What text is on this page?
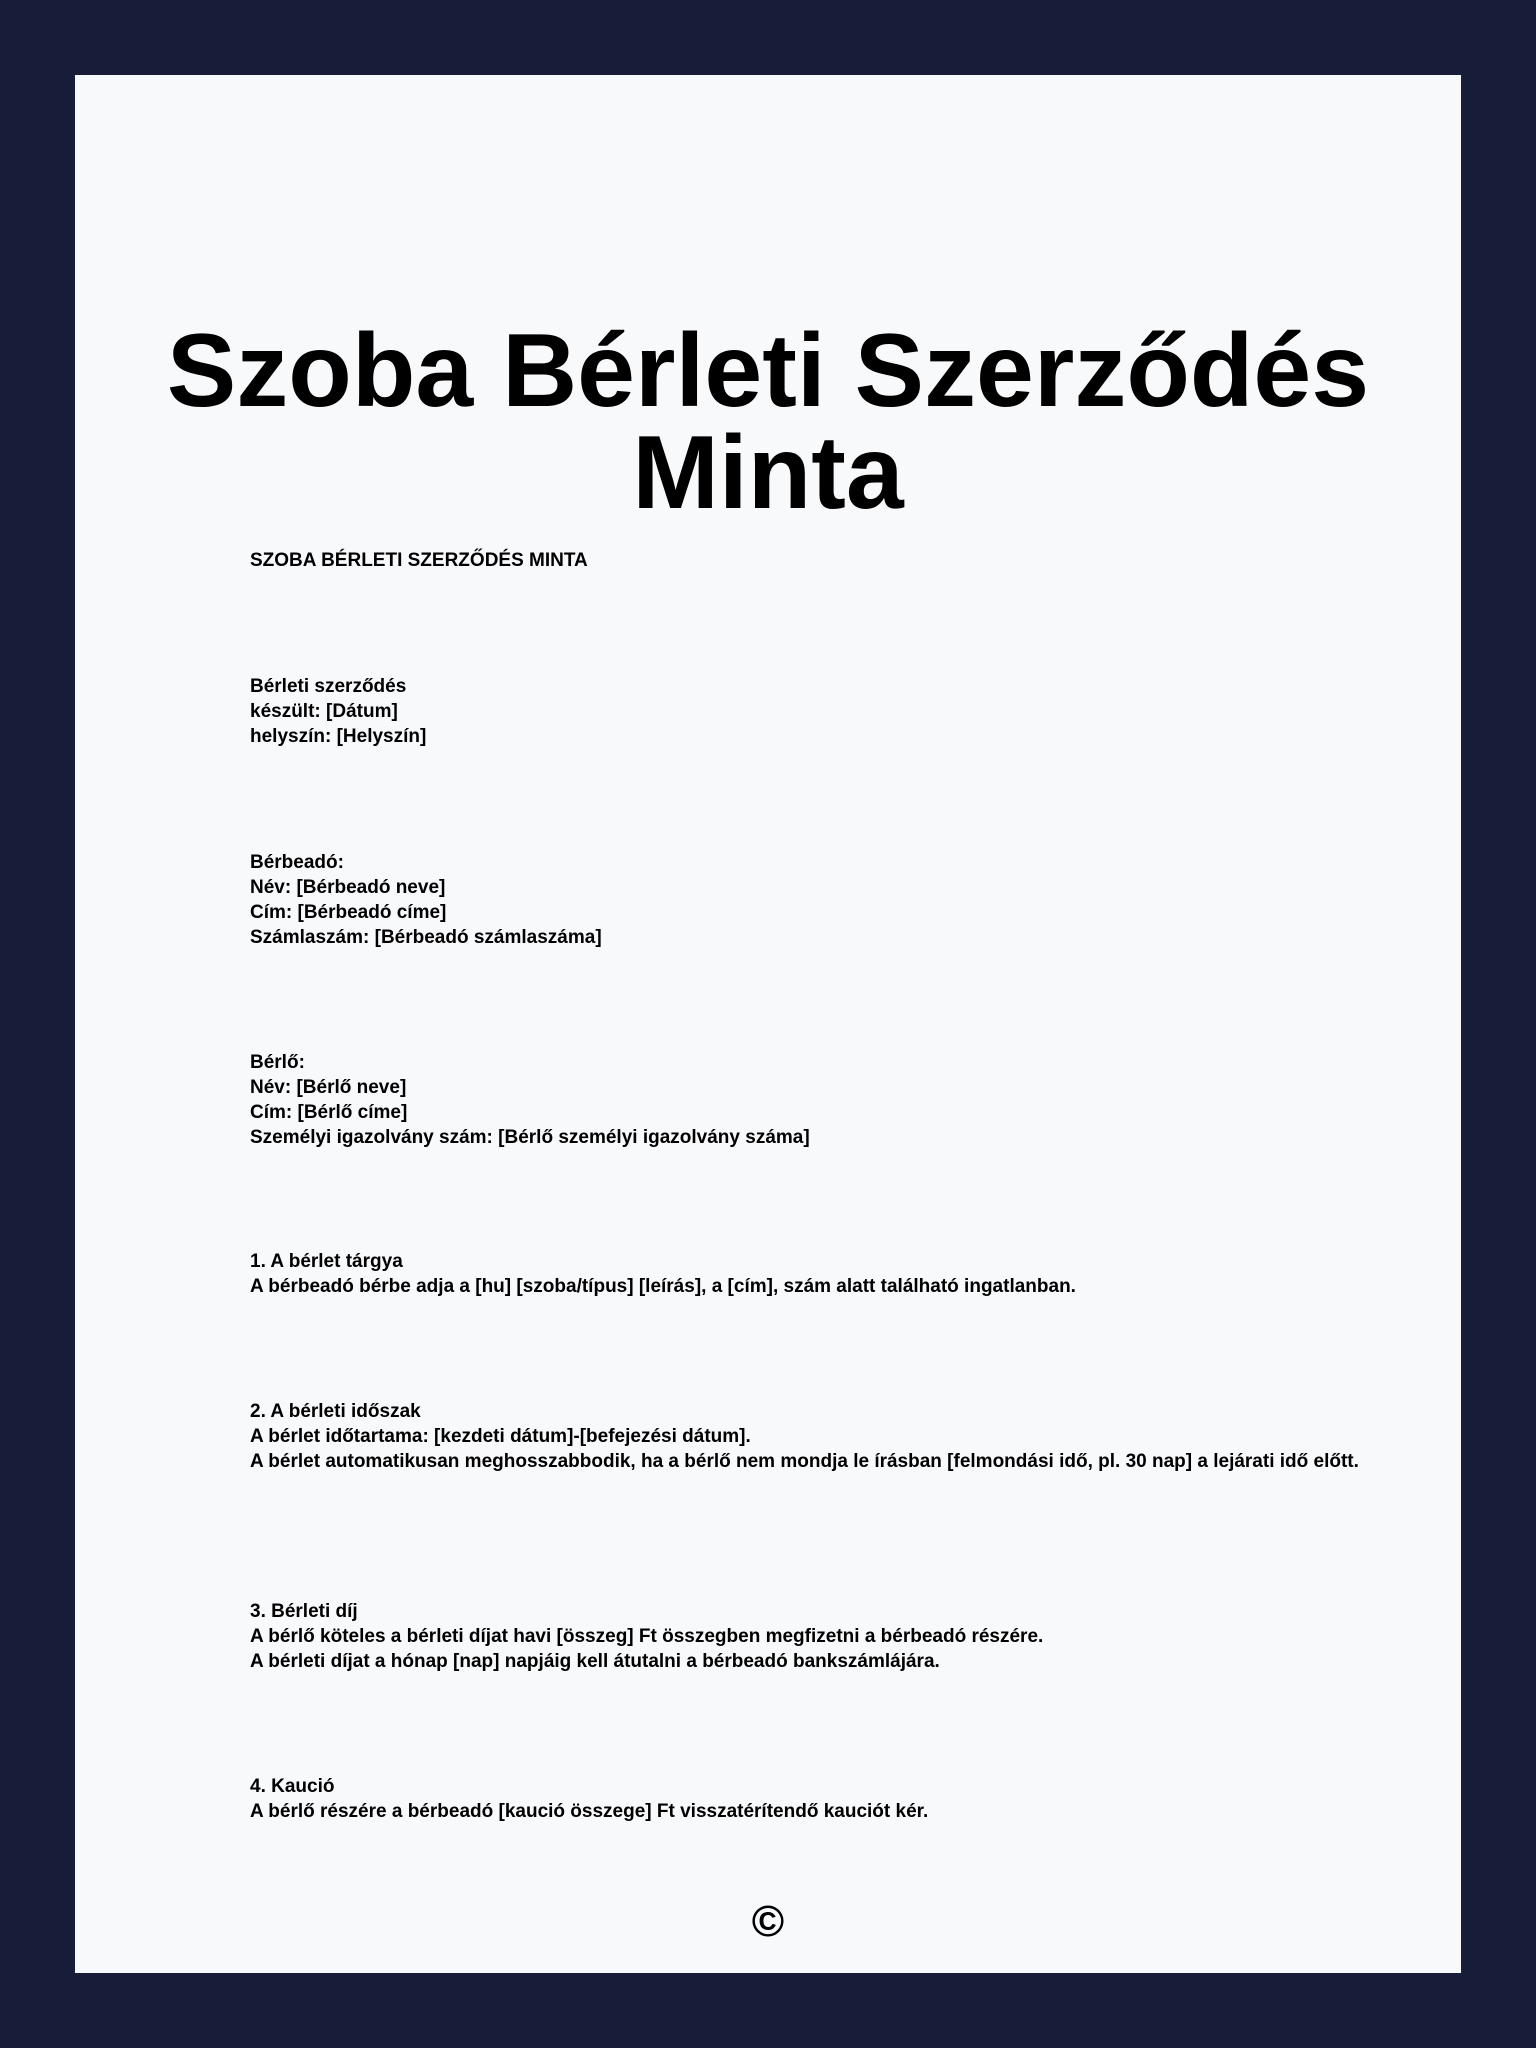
Szoba Bérleti Szerződés Minta

SZOBA BÉRLETI SZERZŐDÉS MINTA

Bérleti szerződés
készült: [Dátum]
helyszín: [Helyszín]

Bérbeadó:
Név: [Bérbeadó neve]
Cím: [Bérbeadó címe]
Számlaszám: [Bérbeadó számlaszáma]

Bérlő:
Név: [Bérlő neve]
Cím: [Bérlő címe]
Személyi igazolvány szám: [Bérlő személyi igazolvány száma]

1. A bérlet tárgya
A bérbeadó bérbe adja a [hu] [szoba/típus] [leírás], a [cím], szám alatt található ingatlanban.

2. A bérleti időszak
A bérlet időtartama: [kezdeti dátum]-[befejezési dátum].
A bérlet automatikusan meghosszabbodik, ha a bérlő nem mondja le írásban [felmondási idő, pl. 30 nap] a lejárati idő előtt.

3. Bérleti díj
A bérlő köteles a bérleti díjat havi [összeg] Ft összegben megfizetni a bérbeadó részére.
A bérleti díjat a hónap [nap] napjáig kell átutalni a bérbeadó bankszámlájára.

4. Kaució
A bérlő részére a bérbeadó [kaució összege] Ft visszatérítendő kauciót kér.

©
